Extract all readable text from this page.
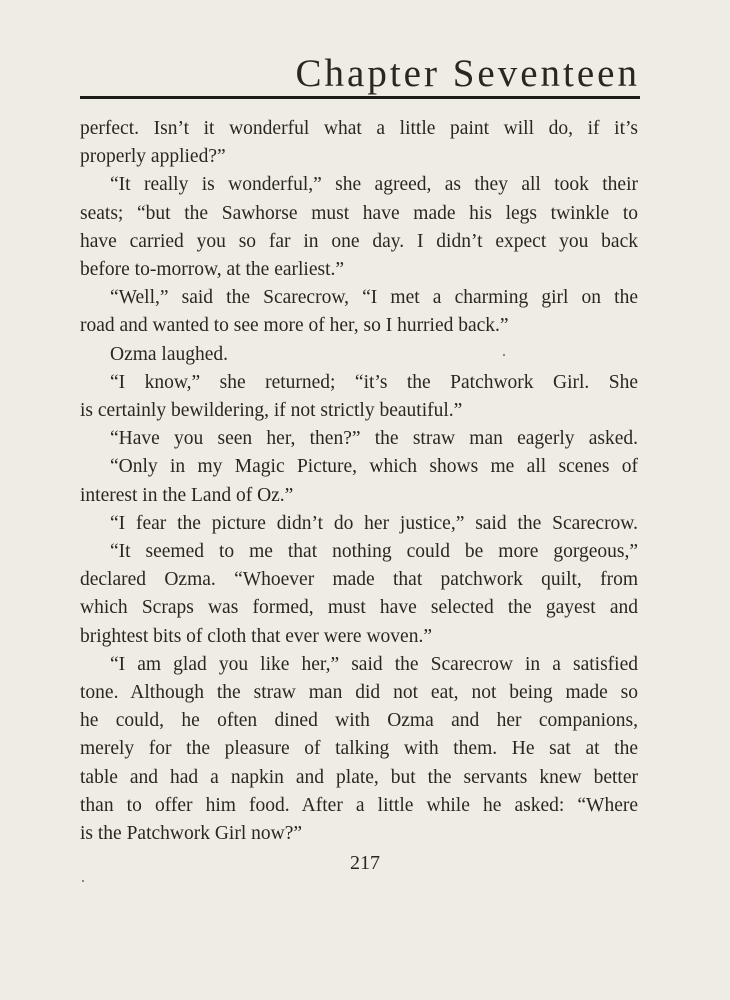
Chapter Seventeen

perfect. Isn’t it wonderful what a little paint will do, if it’s

properly applied?”

“It really is wonderful,” she agreed, as they all took their

seats; “but the Sawhorse must have made his legs twinkle to

have carried you so far in one day. I didn’t expect you back

before to-morrow, at the earliest.”

“Well,” said the Scarecrow, “I met a charming girl on the

road and wanted to see more of her, so I hurried back.”

Ozma laughed.

“I know,” she returned; “it’s the Patchwork Girl. She

is certainly bewildering, if not strictly beautiful.”

“Have you seen her, then?” the straw man eagerly asked.

“Only in my Magic Picture, which shows me all scenes of

interest in the Land of Oz.”

“I fear the picture didn’t do her justice,” said the Scarecrow.

“It seemed to me that nothing could be more gorgeous,”

declared Ozma. “Whoever made that patchwork quilt, from

which Scraps was formed, must have selected the gayest and

brightest bits of cloth that ever were woven.”

“I am glad you like her,” said the Scarecrow in a satisfied

tone. Although the straw man did not eat, not being made so

he could, he often dined with Ozma and her companions,

merely for the pleasure of talking with them. He sat at the

table and had a napkin and plate, but the servants knew better

than to offer him food. After a little while he asked: “Where

is the Patchwork Girl now?”

217
